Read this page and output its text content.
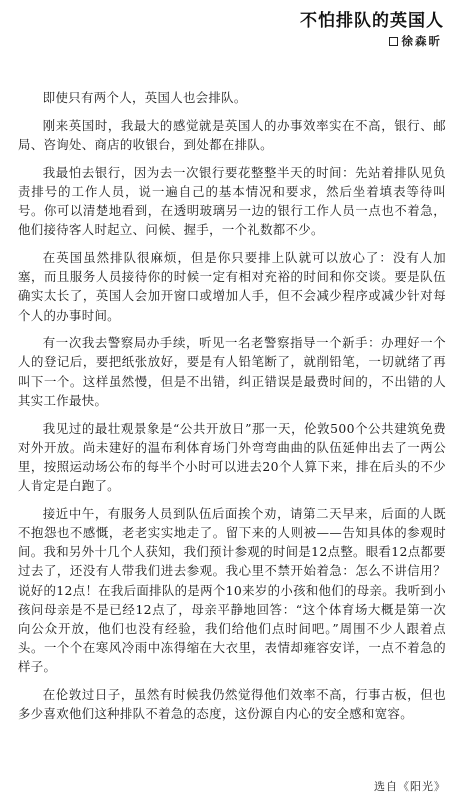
不怕排队的英国人
徐森昕

即使只有两个人，英国人也会排队。

刚来英国时，我最大的感觉就是英国人的办事效率实在不高，银行、邮局、咨询处、商店的收银台，到处都在排队。

我最怕去银行，因为去一次银行要花整整半天的时间：先站着排队见负责排号的工作人员，说一遍自己的基本情况和要求，然后坐着填表等待叫号。你可以清楚地看到，在透明玻璃另一边的银行工作人员一点也不着急，他们接待客人时起立、问候、握手，一个礼数都不少。

在英国虽然排队很麻烦，但是你只要排上队就可以放心了：没有人加塞，而且服务人员接待你的时候一定有相对充裕的时间和你交谈。要是队伍确实太长了，英国人会加开窗口或增加人手，但不会减少程序或减少针对每个人的办事时间。

有一次我去警察局办手续，听见一名老警察指导一个新手：办理好一个人的登记后，要把纸张放好，要是有人铅笔断了，就削铅笔，一切就绪了再叫下一个。这样虽然慢，但是不出错，纠正错误是最费时间的，不出错的人其实工作最快。

我见过的最壮观景象是“公共开放日”那一天，伦敦500个公共建筑免费对外开放。尚未建好的温布利体育场门外弯弯曲曲的队伍延伸出去了一两公里，按照运动场公布的每半个小时可以进去20个人算下来，排在后头的不少人肯定是白跑了。

接近中午，有服务人员到队伍后面挨个劝，请第二天早来，后面的人既不抱怨也不感慨，老老实实地走了。留下来的人则被——告知具体的参观时间。我和另外十几个人获知，我们预计参观的时间是12点整。眼看12点都要过去了，还没有人带我们进去参观。我心里不禁开始着急：怎么不讲信用？说好的12点！在我后面排队的是两个10来岁的小孩和他们的母亲。我听到小孩问母亲是不是已经12点了，母亲平静地回答：“这个体育场大概是第一次向公众开放，他们也没有经验，我们给他们点时间吧。”周围不少人跟着点头。一个个在寒风冷雨中冻得缩在大衣里，表情却雍容安详，一点不着急的样子。

在伦敦过日子，虽然有时候我仍然觉得他们效率不高，行事古板，但也多少喜欢他们这种排队不着急的态度，这份源自内心的安全感和宽容。

选自《阳光》
